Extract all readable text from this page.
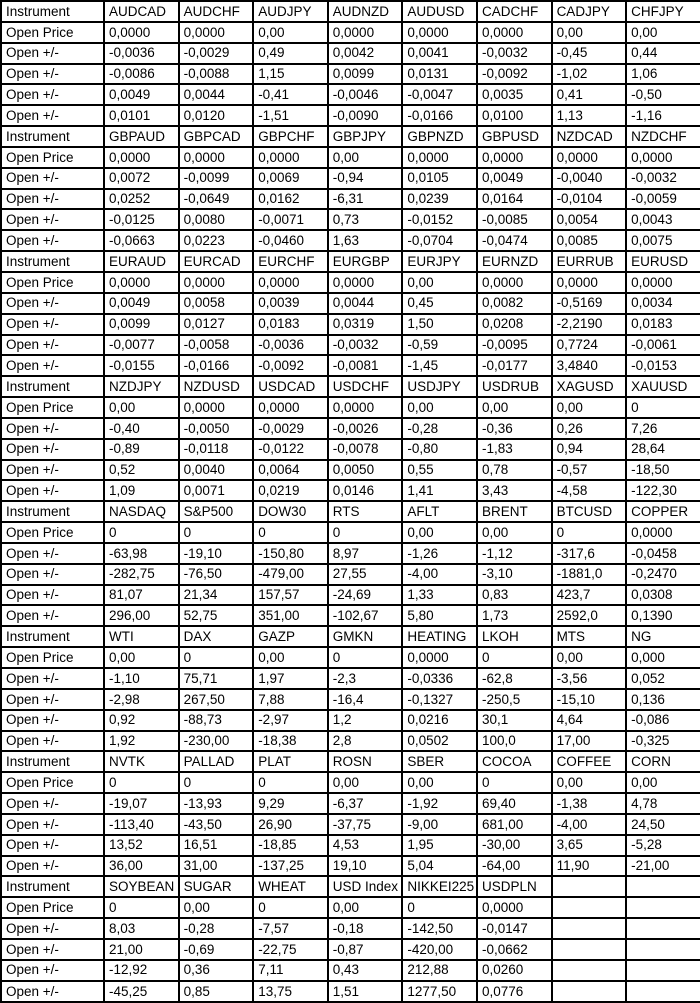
Instrument	AUDCAD	AUDCHF	AUDJPY	AUDNZD	AUDUSD	CADCHF	CADJPY	CHFJPY
Open Price	0,0000	0,0000	0,00	0,0000	0,0000	0,0000	0,00	0,00
Open +/-	-0,0036	-0,0029	0,49	0,0042	0,0041	-0,0032	-0,45	0,44
Open +/-	-0,0086	-0,0088	1,15	0,0099	0,0131	-0,0092	-1,02	1,06
Open +/-	0,0049	0,0044	-0,41	-0,0046	-0,0047	0,0035	0,41	-0,50
Open +/-	0,0101	0,0120	-1,51	-0,0090	-0,0166	0,0100	1,13	-1,16
Instrument	GBPAUD	GBPCAD	GBPCHF	GBPJPY	GBPNZD	GBPUSD	NZDCAD	NZDCHF
Open Price	0,0000	0,0000	0,0000	0,00	0,0000	0,0000	0,0000	0,0000
Open +/-	0,0072	-0,0099	0,0069	-0,94	0,0105	0,0049	-0,0040	-0,0032
Open +/-	0,0252	-0,0649	0,0162	-6,31	0,0239	0,0164	-0,0104	-0,0059
Open +/-	-0,0125	0,0080	-0,0071	0,73	-0,0152	-0,0085	0,0054	0,0043
Open +/-	-0,0663	0,0223	-0,0460	1,63	-0,0704	-0,0474	0,0085	0,0075
Instrument	EURAUD	EURCAD	EURCHF	EURGBP	EURJPY	EURNZD	EURRUB	EURUSD
Open Price	0,0000	0,0000	0,0000	0,0000	0,00	0,0000	0,0000	0,0000
Open +/-	0,0049	0,0058	0,0039	0,0044	0,45	0,0082	-0,5169	0,0034
Open +/-	0,0099	0,0127	0,0183	0,0319	1,50	0,0208	-2,2190	0,0183
Open +/-	-0,0077	-0,0058	-0,0036	-0,0032	-0,59	-0,0095	0,7724	-0,0061
Open +/-	-0,0155	-0,0166	-0,0092	-0,0081	-1,45	-0,0177	3,4840	-0,0153
Instrument	NZDJPY	NZDUSD	USDCAD	USDCHF	USDJPY	USDRUB	XAGUSD	XAUUSD
Open Price	0,00	0,0000	0,0000	0,0000	0,00	0,00	0,00	0
Open +/-	-0,40	-0,0050	-0,0029	-0,0026	-0,28	-0,36	0,26	7,26
Open +/-	-0,89	-0,0118	-0,0122	-0,0078	-0,80	-1,83	0,94	28,64
Open +/-	0,52	0,0040	0,0064	0,0050	0,55	0,78	-0,57	-18,50
Open +/-	1,09	0,0071	0,0219	0,0146	1,41	3,43	-4,58	-122,30
Instrument	NASDAQ	S&P500	DOW30	RTS	AFLT	BRENT	BTCUSD	COPPER
Open Price	0	0	0	0	0,00	0,00	0	0,0000
Open +/-	-63,98	-19,10	-150,80	8,97	-1,26	-1,12	-317,6	-0,0458
Open +/-	-282,75	-76,50	-479,00	27,55	-4,00	-3,10	-1881,0	-0,2470
Open +/-	81,07	21,34	157,57	-24,69	1,33	0,83	423,7	0,0308
Open +/-	296,00	52,75	351,00	-102,67	5,80	1,73	2592,0	0,1390
Instrument	WTI	DAX	GAZP	GMKN	HEATING	LKOH	MTS	NG
Open Price	0,00	0	0,00	0	0,0000	0	0,00	0,000
Open +/-	-1,10	75,71	1,97	-2,3	-0,0336	-62,8	-3,56	0,052
Open +/-	-2,98	267,50	7,88	-16,4	-0,1327	-250,5	-15,10	0,136
Open +/-	0,92	-88,73	-2,97	1,2	0,0216	30,1	4,64	-0,086
Open +/-	1,92	-230,00	-18,38	2,8	0,0502	100,0	17,00	-0,325
Instrument	NVTK	PALLAD	PLAT	ROSN	SBER	COCOA	COFFEE	CORN
Open Price	0	0	0	0,00	0,00	0	0,00	0,00
Open +/-	-19,07	-13,93	9,29	-6,37	-1,92	69,40	-1,38	4,78
Open +/-	-113,40	-43,50	26,90	-37,75	-9,00	681,00	-4,00	24,50
Open +/-	13,52	16,51	-18,85	4,53	1,95	-30,00	3,65	-5,28
Open +/-	36,00	31,00	-137,25	19,10	5,04	-64,00	11,90	-21,00
Instrument	SOYBEAN	SUGAR	WHEAT	USD Index	NIKKEI225	USDPLN		
Open Price	0	0,00	0	0,00	0	0,0000		
Open +/-	8,03	-0,28	-7,57	-0,18	-142,50	-0,0147		
Open +/-	21,00	-0,69	-22,75	-0,87	-420,00	-0,0662		
Open +/-	-12,92	0,36	7,11	0,43	212,88	0,0260		
Open +/-	-45,25	0,85	13,75	1,51	1277,50	0,0776		
